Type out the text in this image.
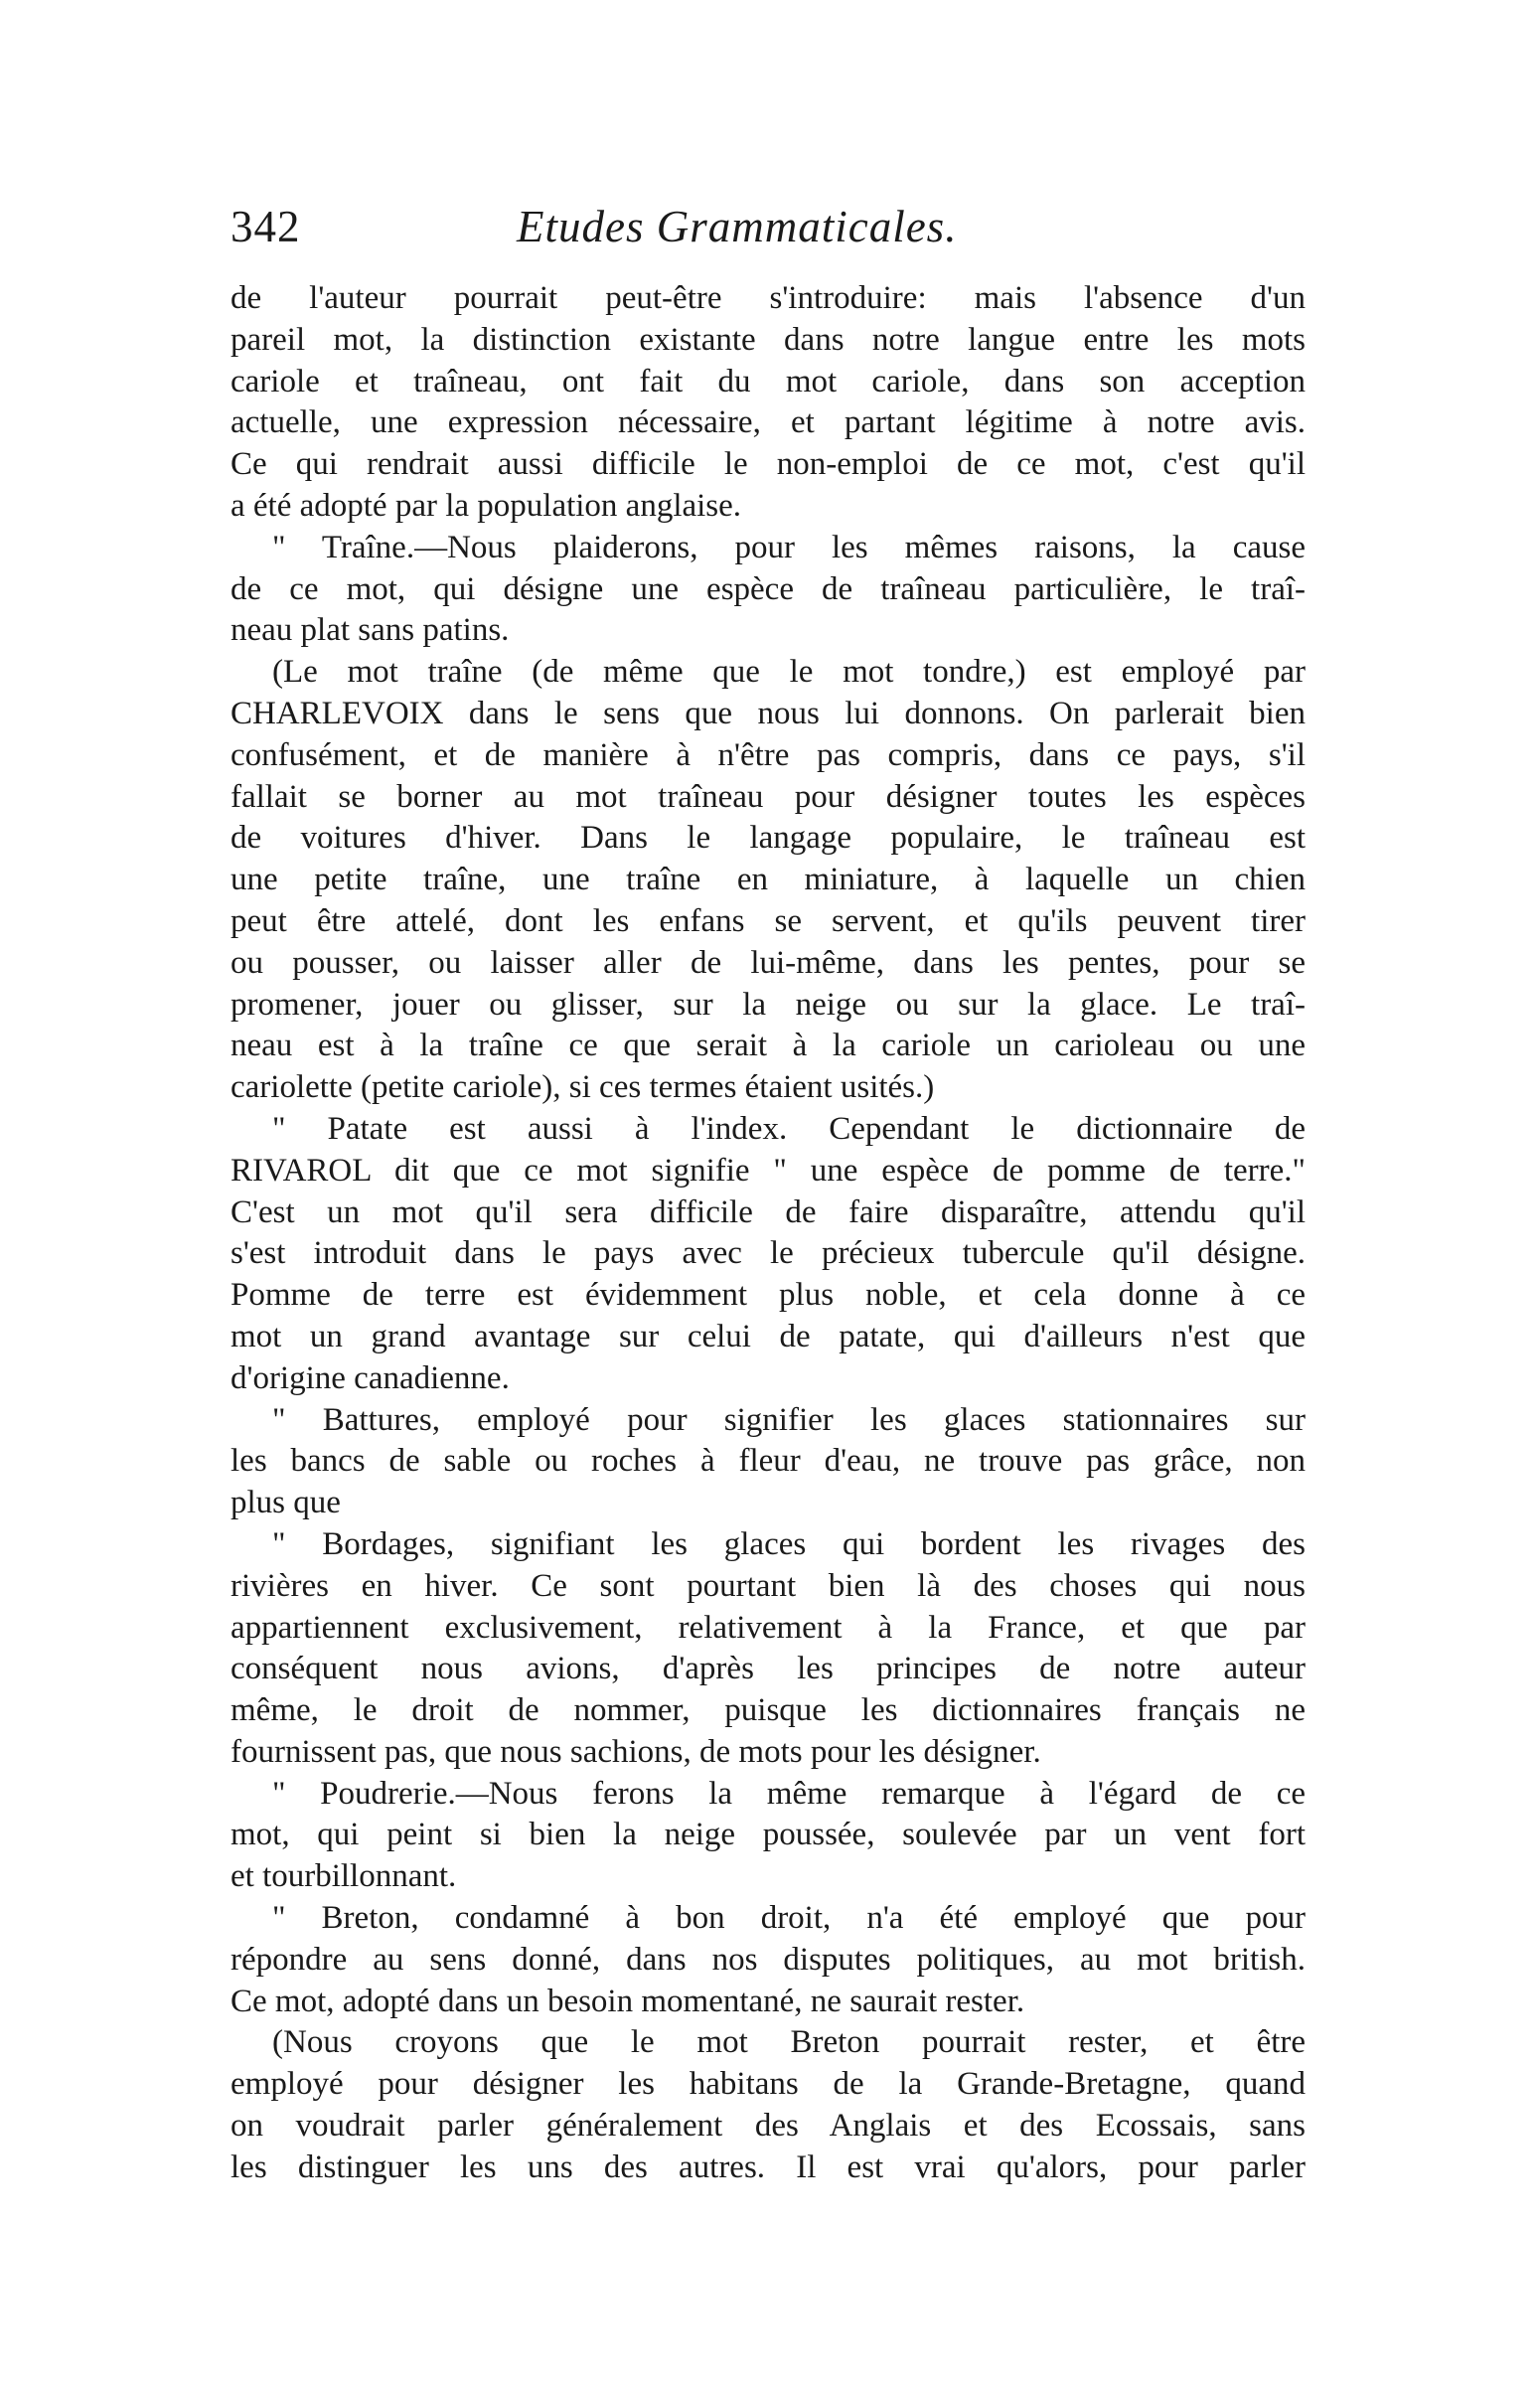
342	Etudes Grammaticales.
de l'auteur pourrait peut-être s'introduire: mais l'absence d'un
pareil mot, la distinction existante dans notre langue entre les mots
cariole et traîneau, ont fait du mot cariole, dans son acception
actuelle, une expression nécessaire, et partant légitime à notre avis.
Ce qui rendrait aussi difficile le non-emploi de ce mot, c'est qu'il
a été adopté par la population anglaise.
" Traîne.—Nous plaiderons, pour les mêmes raisons, la cause
de ce mot, qui désigne une espèce de traîneau particulière, le traî-
neau plat sans patins.
(Le mot traîne (de même que le mot tondre,) est employé par
CHARLEVOIX dans le sens que nous lui donnons. On parlerait bien
confusément, et de manière à n'être pas compris, dans ce pays, s'il
fallait se borner au mot traîneau pour désigner toutes les espèces
de voitures d'hiver. Dans le langage populaire, le traîneau est
une petite traîne, une traîne en miniature, à laquelle un chien
peut être attelé, dont les enfans se servent, et qu'ils peuvent tirer
ou pousser, ou laisser aller de lui-même, dans les pentes, pour se
promener, jouer ou glisser, sur la neige ou sur la glace. Le traî-
neau est à la traîne ce que serait à la cariole un carioleau ou une
cariolette (petite cariole), si ces termes étaient usités.)
" Patate est aussi à l'index. Cependant le dictionnaire de
RIVAROL dit que ce mot signifie " une espèce de pomme de terre."
C'est un mot qu'il sera difficile de faire disparaître, attendu qu'il
s'est introduit dans le pays avec le précieux tubercule qu'il désigne.
Pomme de terre est évidemment plus noble, et cela donne à ce
mot un grand avantage sur celui de patate, qui d'ailleurs n'est que
d'origine canadienne.
" Battures, employé pour signifier les glaces stationnaires sur
les bancs de sable ou roches à fleur d'eau, ne trouve pas grâce, non
plus que
" Bordages, signifiant les glaces qui bordent les rivages des
rivières en hiver. Ce sont pourtant bien là des choses qui nous
appartiennent exclusivement, relativement à la France, et que par
conséquent nous avions, d'après les principes de notre auteur
même, le droit de nommer, puisque les dictionnaires français ne
fournissent pas, que nous sachions, de mots pour les désigner.
" Poudrerie.—Nous ferons la même remarque à l'égard de ce
mot, qui peint si bien la neige poussée, soulevée par un vent fort
et tourbillonnant.
" Breton, condamné à bon droit, n'a été employé que pour
répondre au sens donné, dans nos disputes politiques, au mot british.
Ce mot, adopté dans un besoin momentané, ne saurait rester.
(Nous croyons que le mot Breton pourrait rester, et être
employé pour désigner les habitans de la Grande-Bretagne, quand
on voudrait parler généralement des Anglais et des Ecossais, sans
les distinguer les uns des autres. Il est vrai qu'alors, pour parler
